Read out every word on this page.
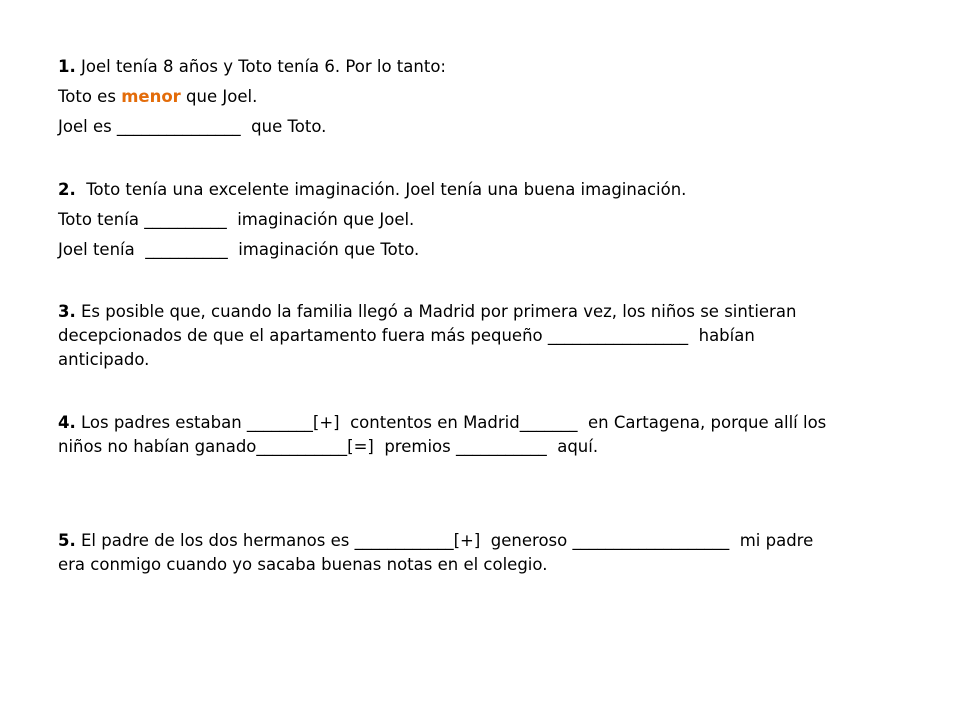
1. Joel tenía 8 años y Toto tenía 6. Por lo tanto:
Toto es menor que Joel.
Joel es _______________  que Toto.
2.  Toto tenía una excelente imaginación. Joel tenía una buena imaginación.
Toto tenía __________  imaginación que Joel.
Joel tenía  __________  imaginación que Toto.
3. Es posible que, cuando la familia llegó a Madrid por primera vez, los niños se sintieran
decepcionados de que el apartamento fuera más pequeño _________________  habían
anticipado.
4. Los padres estaban ________[+]  contentos en Madrid_______  en Cartagena, porque allí los
niños no habían ganado___________[=]  premios ___________  aquí.
5. El padre de los dos hermanos es ____________[+]  generoso ___________________  mi padre
era conmigo cuando yo sacaba buenas notas en el colegio.
